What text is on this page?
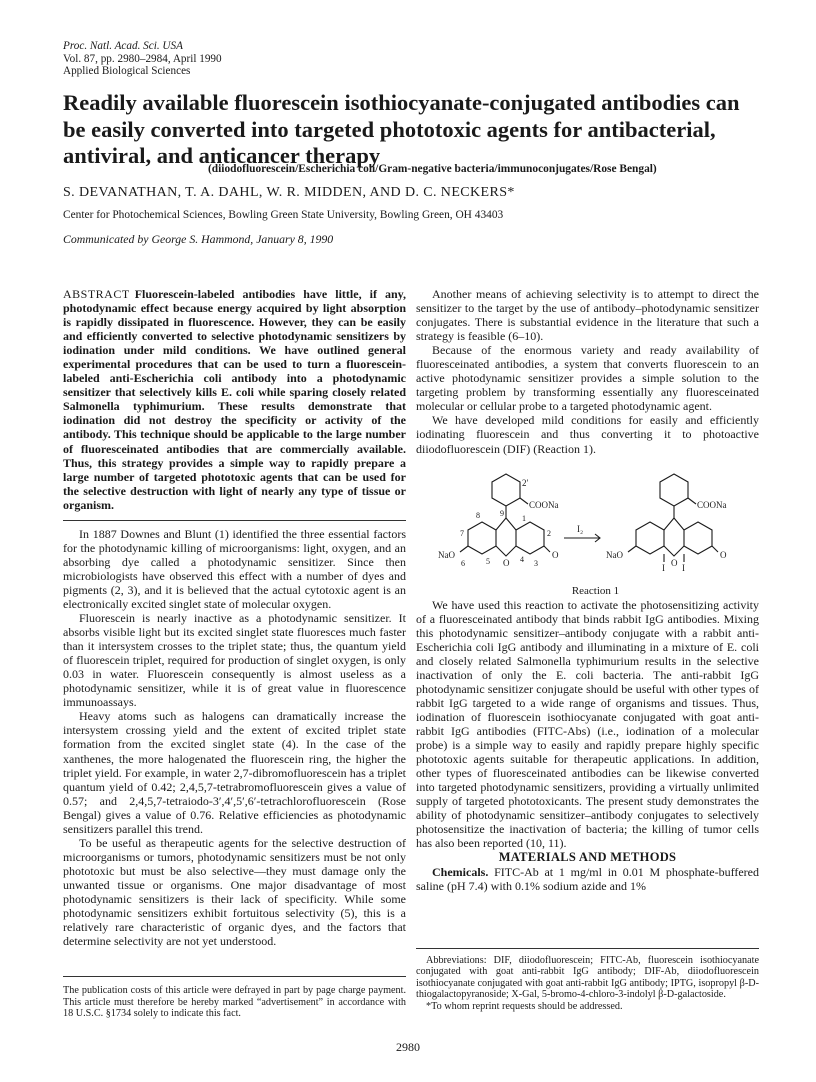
Proc. Natl. Acad. Sci. USA
Vol. 87, pp. 2980–2984, April 1990
Applied Biological Sciences
Readily available fluorescein isothiocyanate-conjugated antibodies can be easily converted into targeted phototoxic agents for antibacterial, antiviral, and anticancer therapy
(diiodofluorescein/Escherichia coli/Gram-negative bacteria/immunoconjugates/Rose Bengal)
S. DEVANATHAN, T. A. DAHL, W. R. MIDDEN, AND D. C. NECKERS*
Center for Photochemical Sciences, Bowling Green State University, Bowling Green, OH 43403
Communicated by George S. Hammond, January 8, 1990

ABSTRACT Fluorescein-labeled antibodies have little, if any, photodynamic effect because energy acquired by light absorption is rapidly dissipated in fluorescence. However, they can be easily and efficiently converted to selective photodynamic sensitizers by iodination under mild conditions. We have outlined general experimental procedures that can be used to turn a fluorescein-labeled anti-Escherichia coli antibody into a photodynamic sensitizer that selectively kills E. coli while sparing closely related Salmonella typhimurium. These results demonstrate that iodination did not destroy the specificity or activity of the antibody. This technique should be applicable to the large number of fluoresceinated antibodies that are commercially available. Thus, this strategy provides a simple way to rapidly prepare a large number of targeted phototoxic agents that can be used for the selective destruction with light of nearly any type of tissue or organism.

In 1887 Downes and Blunt (1) identified the three essential factors for the photodynamic killing of microorganisms: light, oxygen, and an absorbing dye called a photodynamic sensitizer. Since then microbiologists have observed this effect with a number of dyes and pigments (2, 3), and it is believed that the actual cytotoxic agent is an electronically excited singlet state of molecular oxygen.

Fluorescein is nearly inactive as a photodynamic sensitizer. It absorbs visible light but its excited singlet state fluoresces much faster than it intersystem crosses to the triplet state; thus, the quantum yield of fluorescein triplet, required for production of singlet oxygen, is only 0.03 in water. Fluorescein consequently is almost useless as a photodynamic sensitizer, while it is of great value in fluorescence immunoassays.

Heavy atoms such as halogens can dramatically increase the intersystem crossing yield and the extent of excited triplet state formation from the excited singlet state (4). In the case of the xanthenes, the more halogenated the fluorescein ring, the higher the triplet yield. For example, in water 2,7-dibromofluorescein has a triplet quantum yield of 0.42; 2,4,5,7-tetrabromofluorescein gives a value of 0.57; and 2,4,5,7-tetraiodo-3′,4′,5′,6′-tetrachlorofluorescein (Rose Bengal) gives a value of 0.76. Relative efficiencies as photodynamic sensitizers parallel this trend.

To be useful as therapeutic agents for the selective destruction of microorganisms or tumors, photodynamic sensitizers must be not only phototoxic but must be also selective—they must damage only the unwanted tissue or organisms. One major disadvantage of most photodynamic sensitizers is their lack of specificity. While some photodynamic sensitizers exhibit fortuitous selectivity (5), this is a relatively rare characteristic of organic dyes, and the factors that determine selectivity are not yet understood.

The publication costs of this article were defrayed in part by page charge payment. This article must therefore be hereby marked “advertisement” in accordance with 18 U.S.C. §1734 solely to indicate this fact.

Another means of achieving selectivity is to attempt to direct the sensitizer to the target by the use of antibody–photodynamic sensitizer conjugates. There is substantial evidence in the literature that such a strategy is feasible (6–10).

Because of the enormous variety and ready availability of fluoresceinated antibodies, a system that converts fluorescein to an active photodynamic sensitizer provides a simple solution to the targeting problem by transforming essentially any fluoresceinated molecular or cellular probe to a targeted photodynamic agent.

We have developed mild conditions for easily and efficiently iodinating fluorescein and thus converting it to photoactive diiodofluorescein (DIF) (Reaction 1).

COONa
2′
NaO	O
O
9
1
2
3
4
5
6
7
8
I₂
COONa
NaO	O
O
I I

Reaction 1

We have used this reaction to activate the photosensitizing activity of a fluoresceinated antibody that binds rabbit IgG antibodies. Mixing this photodynamic sensitizer–antibody conjugate with a rabbit anti-Escherichia coli IgG antibody and illuminating in a mixture of E. coli and closely related Salmonella typhimurium results in the selective inactivation of only the E. coli bacteria. The anti-rabbit IgG photodynamic sensitizer conjugate should be useful with other types of rabbit IgG targeted to a wide range of organisms and tissues. Thus, iodination of fluorescein isothiocyanate conjugated with goat anti-rabbit IgG antibodies (FITC-Abs) (i.e., iodination of a molecular probe) is a simple way to easily and rapidly prepare highly specific phototoxic agents suitable for therapeutic applications. In addition, other types of fluoresceinated antibodies can be likewise converted into targeted photodynamic sensitizers, providing a virtually unlimited supply of targeted phototoxicants. The present study demonstrates the ability of photodynamic sensitizer–antibody conjugates to selectively photosensitize the inactivation of bacteria; the killing of tumor cells has also been reported (10, 11).

MATERIALS AND METHODS

Chemicals. FITC-Ab at 1 mg/ml in 0.01 M phosphate-buffered saline (pH 7.4) with 0.1% sodium azide and 1%

Abbreviations: DIF, diiodofluorescein; FITC-Ab, fluorescein isothiocyanate conjugated with goat anti-rabbit IgG antibody; DIF-Ab, diiodofluorescein isothiocyanate conjugated with goat anti-rabbit IgG antibody; IPTG, isopropyl β-D-thiogalactopyranoside; X-Gal, 5-bromo-4-chloro-3-indolyl β-D-galactoside.

*To whom reprint requests should be addressed.

2980
